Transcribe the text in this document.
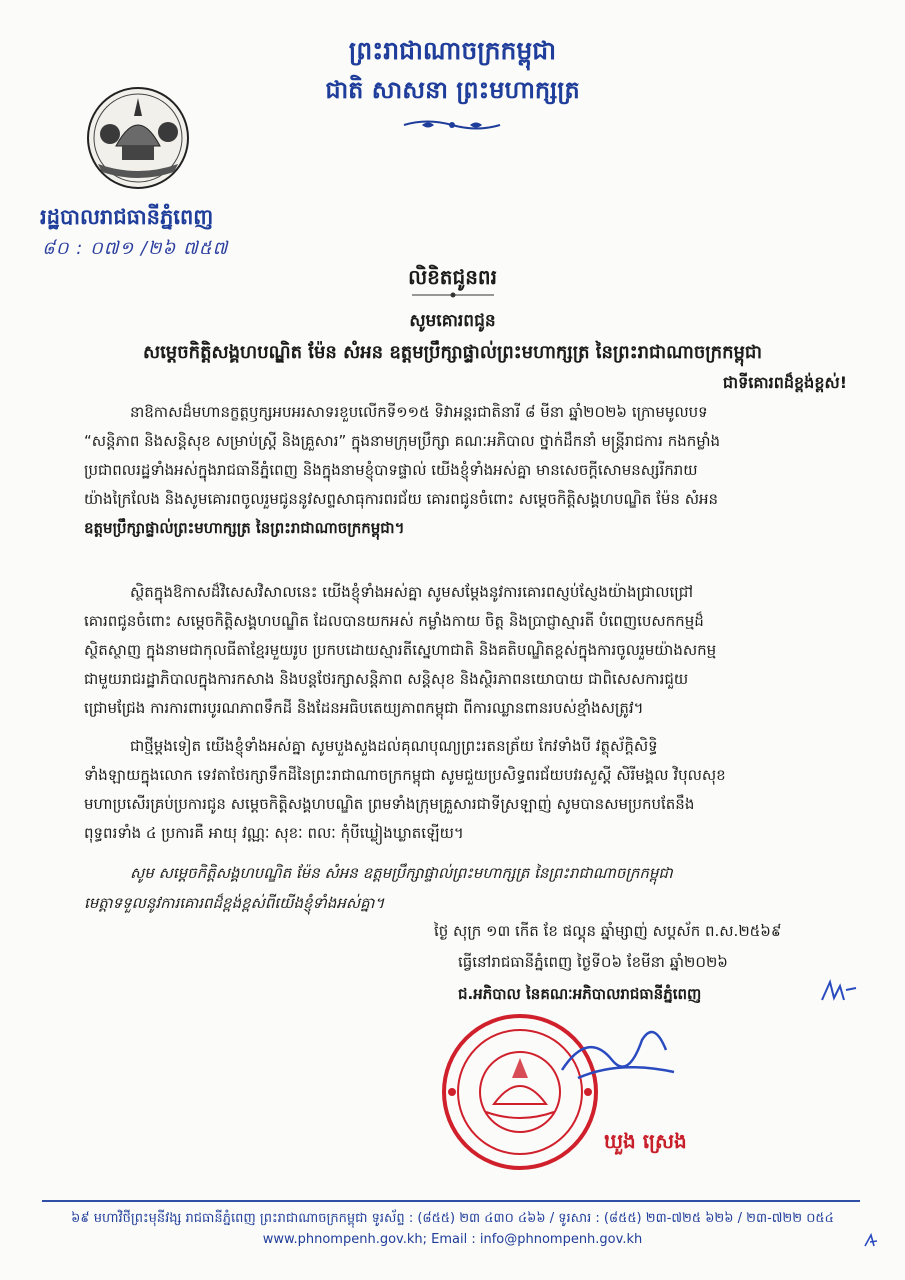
ព្រះរាជាណាចក្រកម្ពុជា
ជាតិ សាសនា ព្រះមហាក្សត្រ
រដ្ឋបាលរាជធានីភ្នំពេញ
៨០ : ០៧១ /២៦ ៧៥៧
លិខិតជូនពរ
សូមគោរពជូន
សម្តេចកិត្តិសង្គហបណ្ឌិត ម៉ែន សំអន ឧត្តមប្រឹក្សាផ្ទាល់ព្រះមហាក្សត្រ នៃព្រះរាជាណាចក្រកម្ពុជា
ជាទីគោរពដ៏ខ្ពង់ខ្ពស់!
នាឱកាសដ៏មហានក្ខត្តឫក្សអបអរសាទរខួបលើកទី១១៥ ទិវាអន្តរជាតិនារី ៨ មីនា ឆ្នាំ២០២៦ ក្រោមមូលបទ
“សន្តិភាព និងសន្តិសុខ សម្រាប់ស្ត្រី និងគ្រួសារ” ក្នុងនាមក្រុមប្រឹក្សា គណៈអភិបាល ថ្នាក់ដឹកនាំ មន្ត្រីរាជការ កងកម្លាំង
ប្រជាពលរដ្ឋទាំងអស់ក្នុងរាជធានីភ្នំពេញ និងក្នុងនាមខ្ញុំបាទផ្ទាល់ យើងខ្ញុំទាំងអស់គ្នា មានសេចក្តីសោមនស្សរីករាយ
យ៉ាងក្រៃលែង និងសូមគោរពចូលរួមជូននូវសព្ទសាធុការពរជ័យ គោរពជូនចំពោះ សម្តេចកិត្តិសង្គហបណ្ឌិត ម៉ែន សំអន
ឧត្តមប្រឹក្សាផ្ទាល់ព្រះមហាក្សត្រ នៃព្រះរាជាណាចក្រកម្ពុជា។
ស្ថិតក្នុងឱកាសដ៏វិសេសវិសាលនេះ យើងខ្ញុំទាំងអស់គ្នា សូមសម្តែងនូវការគោរពស្ញប់ស្ញែងយ៉ាងជ្រាលជ្រៅ
គោរពជូនចំពោះ សម្តេចកិត្តិសង្គហបណ្ឌិត ដែលបានយកអស់ កម្លាំងកាយ ចិត្ត និងប្រាជ្ញាស្មារតី បំពេញបេសកកម្មដ៏
ស្ថិតស្ថាញ ក្នុងនាមជាកុលធីតាខ្មែរមួយរូប ប្រកបដោយស្មារតីស្នេហាជាតិ និងគតិបណ្ឌិតខ្ពស់ក្នុងការចូលរួមយ៉ាងសកម្ម
ជាមួយរាជរដ្ឋាភិបាលក្នុងការកសាង និងបន្តថែរក្សាសន្តិភាព សន្តិសុខ និងស្ថិរភាពនយោបាយ ជាពិសេសការជួយ
ជ្រោមជ្រែង ការការពារបូរណភាពទឹកដី និងដែនអធិបតេយ្យភាពកម្ពុជា ពីការឈ្លានពានរបស់ខ្មាំងសត្រូវ។
ជាថ្មីម្តងទៀត យើងខ្ញុំទាំងអស់គ្នា សូមបួងសួងដល់គុណបុណ្យព្រះរតនត្រ័យ កែវទាំងបី វត្ថុស័ក្តិសិទ្ធិ
ទាំងឡាយក្នុងលោក ទេវតាថែរក្សាទឹកដីនៃព្រះរាជាណាចក្រកម្ពុជា សូមជួយប្រសិទ្ធពរជ័យបវរសួស្តី សិរីមង្គល វិបុលសុខ
មហាប្រសើរគ្រប់ប្រការជូន សម្តេចកិត្តិសង្គហបណ្ឌិត ព្រមទាំងក្រុមគ្រួសារជាទីស្រឡាញ់ សូមបានសមប្រកបតែនឹង
ពុទ្ធពរទាំង ៤ ប្រការគឺ អាយុ វណ្ណៈ សុខៈ ពលៈ កុំបីឃ្លៀងឃ្លាតឡើយ។
សូម សម្តេចកិត្តិសង្គហបណ្ឌិត ម៉ែន សំអន ឧត្តមប្រឹក្សាផ្ទាល់ព្រះមហាក្សត្រ នៃព្រះរាជាណាចក្រកម្ពុជា
មេត្តាទទួលនូវការគោរពដ៏ខ្ពង់ខ្ពស់ពីយើងខ្ញុំទាំងអស់គ្នា។
ថ្ងៃ សុក្រ ១៣ កើត ខែ ផល្គុន ឆ្នាំម្សាញ់ សប្តស័ក ព.ស.២៥៦៩
ធ្វើនៅរាជធានីភ្នំពេញ ថ្ងៃទី០៦ ខែមីនា ឆ្នាំ២០២៦
ជ.អភិបាល នៃគណៈអភិបាលរាជធានីភ្នំពេញ
ឃួង ស្រេង
៦៩ មហាវិថីព្រះមុនីវង្ស រាជធានីភ្នំពេញ ព្រះរាជាណាចក្រកម្ពុជា ទូរស័ព្ទ : (៨៥៥) ២៣ ៤៣០ ៤៦៦ / ទូរសារ : (៨៥៥) ២៣-៧២៥ ៦២៦ / ២៣-៧២២ ០៥៤
www.phnompenh.gov.kh; Email : info@phnompenh.gov.kh
